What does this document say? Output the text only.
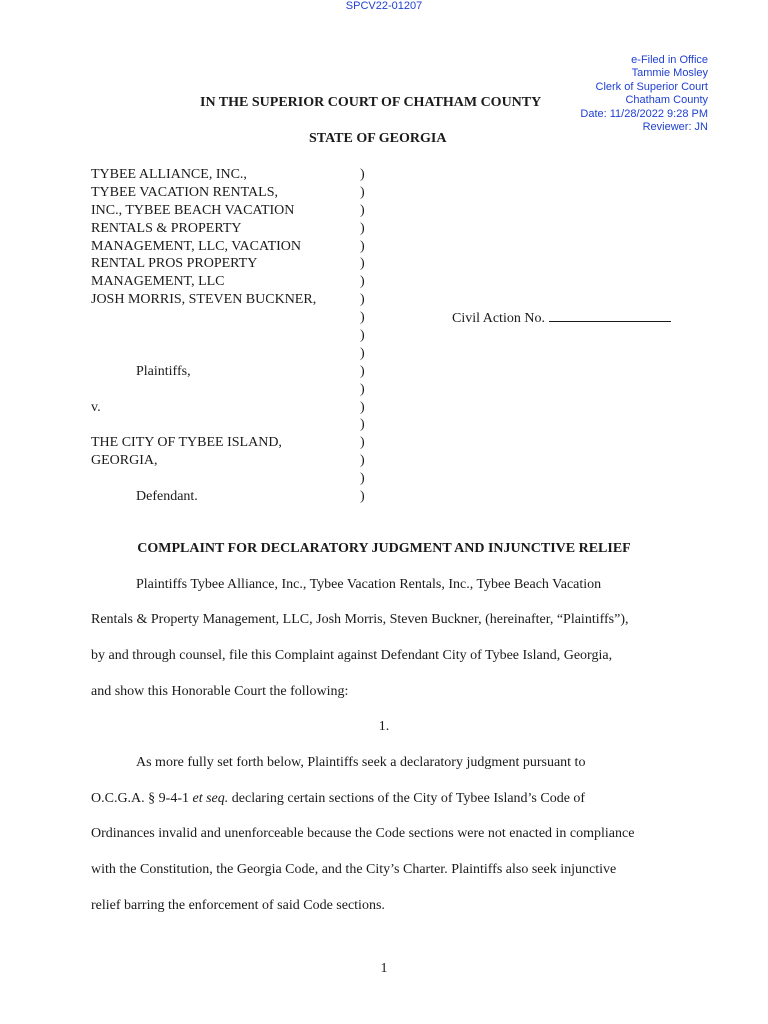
SPCV22-01207
e-Filed in Office
Tammie Mosley
Clerk of Superior Court
Chatham County
Date: 11/28/2022 9:28 PM
Reviewer: JN
IN THE SUPERIOR COURT OF CHATHAM COUNTY
STATE OF GEORGIA
TYBEE ALLIANCE, INC.,
TYBEE VACATION RENTALS,
INC., TYBEE BEACH VACATION
RENTALS & PROPERTY
MANAGEMENT, LLC, VACATION
RENTAL PROS PROPERTY
MANAGEMENT, LLC
JOSH MORRIS, STEVEN BUCKNER,
Plaintiffs,
v.
THE CITY OF TYBEE ISLAND,
GEORGIA,
Defendant.
)
)
)
)
)
)
)
)
)
)
)
)
)
)
)
)
)
)
)
Civil Action No.
COMPLAINT FOR DECLARATORY JUDGMENT AND INJUNCTIVE RELIEF
Plaintiffs Tybee Alliance, Inc., Tybee Vacation Rentals, Inc., Tybee Beach Vacation
Rentals & Property Management, LLC, Josh Morris, Steven Buckner, (hereinafter, “Plaintiffs”),
by and through counsel, file this Complaint against Defendant City of Tybee Island, Georgia,
and show this Honorable Court the following:
1.
As more fully set forth below, Plaintiffs seek a declaratory judgment pursuant to
O.C.G.A. § 9-4-1 et seq. declaring certain sections of the City of Tybee Island’s Code of
Ordinances invalid and unenforceable because the Code sections were not enacted in compliance
with the Constitution, the Georgia Code, and the City’s Charter. Plaintiffs also seek injunctive
relief barring the enforcement of said Code sections.
1
